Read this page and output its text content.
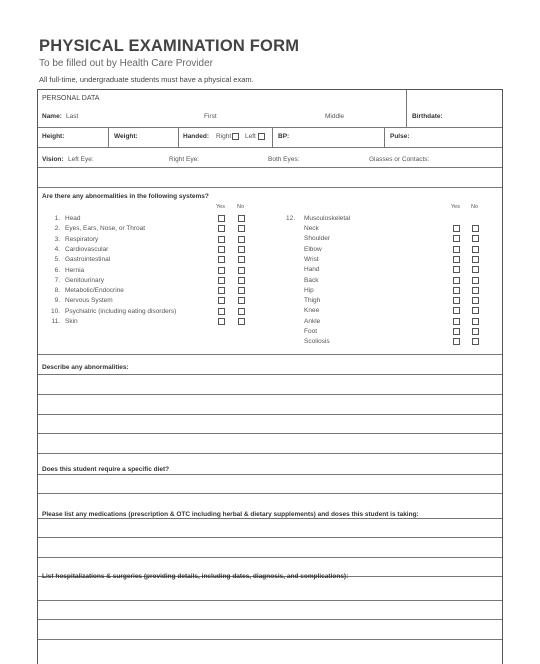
PHYSICAL EXAMINATION FORM
To be filled out by Health Care Provider
All full-time, undergraduate students must have a physical exam.
PERSONAL DATA
Name: Last	First	Middle	Birthdate:
Height:	Weight:	Handed: Right Left	BP:	Pulse:
Vision: Left Eye:	Right Eye:	Both Eyes:	Glasses or Contacts:
Are there any abnormalities in the following systems?
Yes No	Yes No
1. Head
2. Eyes, Ears, Nose, or Throat
3. Respiratory
4. Cardiovascular
5. Gastrointestinal
6. Hernia
7. Genitourinary
8. Metabolic/Endocrine
9. Nervous System
10. Psychiatric (including eating disorders)
11. Skin
12. Musculoskeletal
Neck
Shoulder
Elbow
Wrist
Hand
Back
Hip
Thigh
Knee
Ankle
Foot
Scoliosis
Describe any abnormalities:
Does this student require a specific diet?
Please list any medications (prescription & OTC including herbal & dietary supplements) and doses this student is taking:
List hospitalizations & surgeries (providing details, including dates, diagnosis, and complications):
